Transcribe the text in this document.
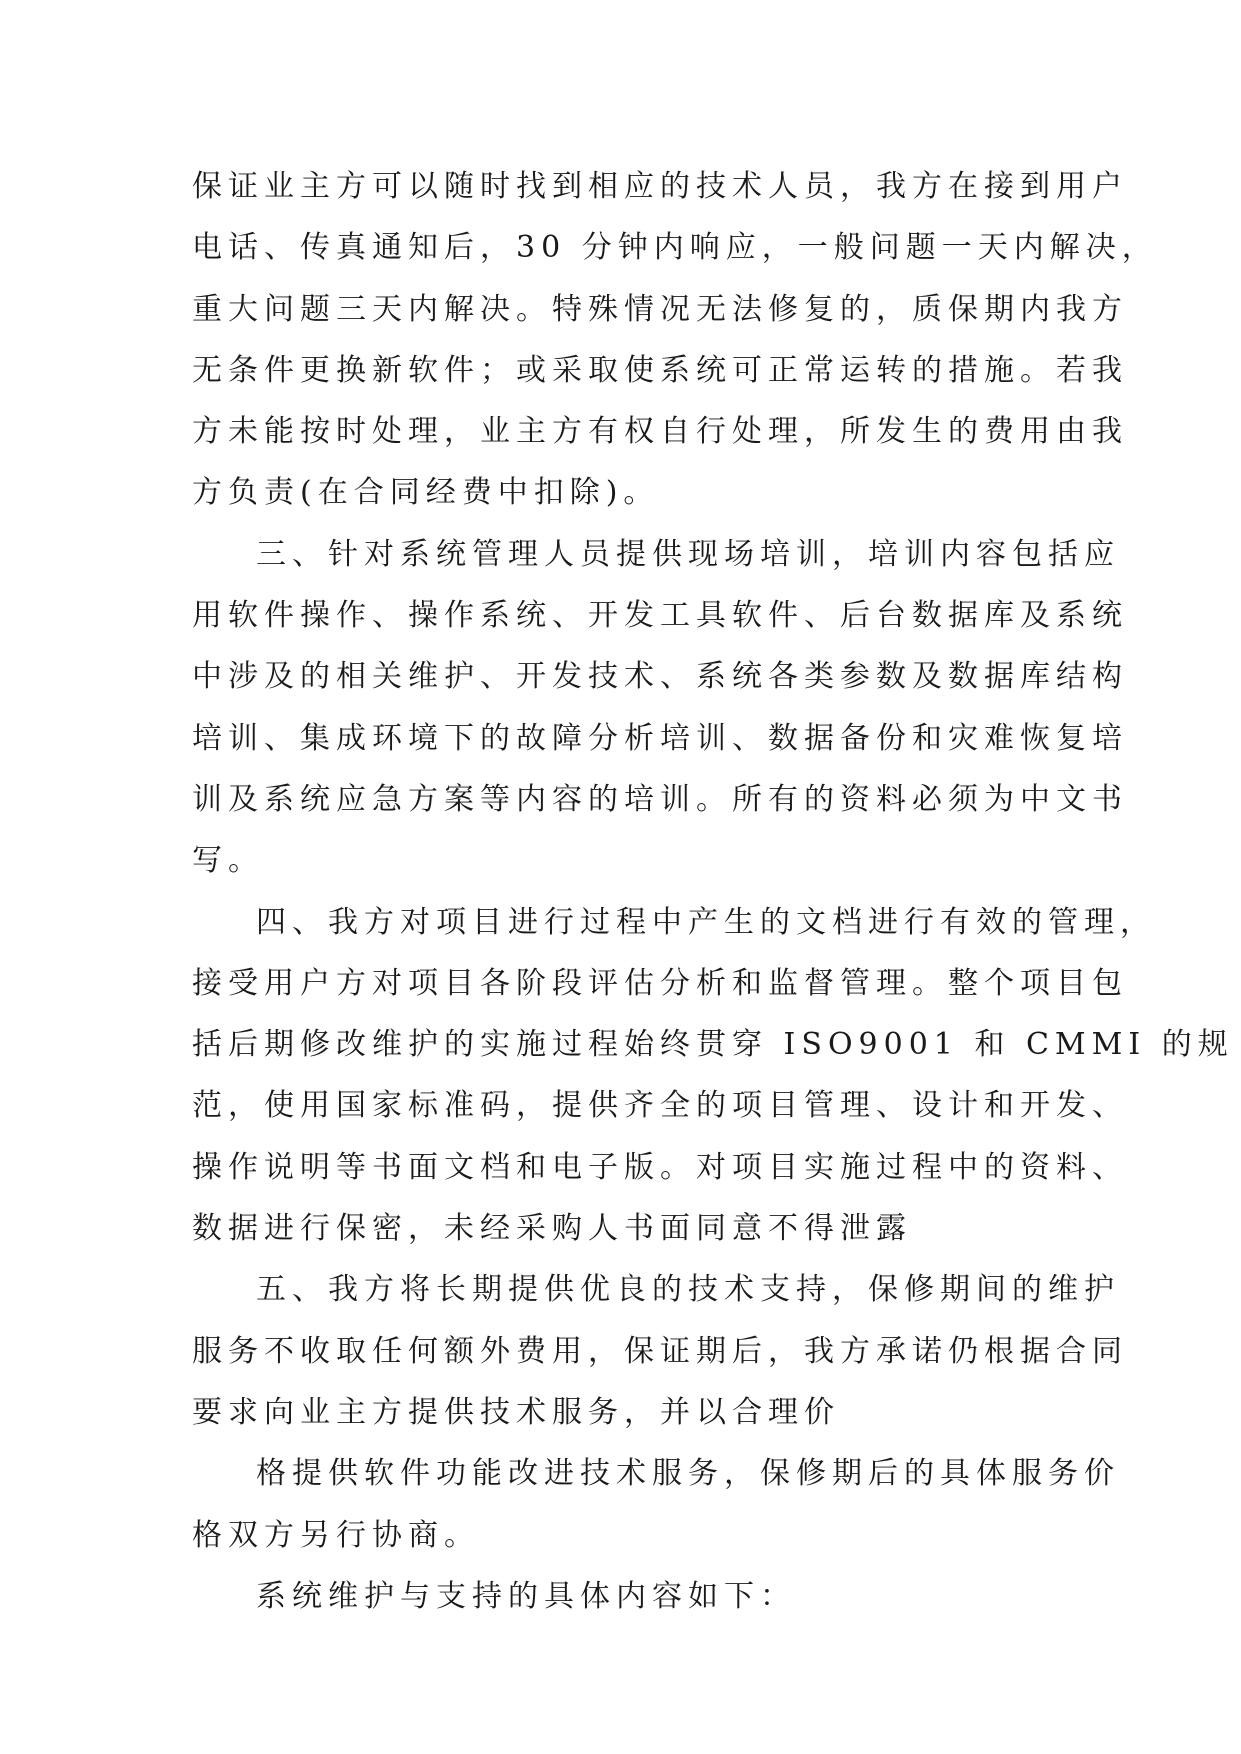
保证业主方可以随时找到相应的技术人员，我方在接到用户
电话、传真通知后，30 分钟内响应，一般问题一天内解决，
重大问题三天内解决。特殊情况无法修复的，质保期内我方
无条件更换新软件；或采取使系统可正常运转的措施。若我
方未能按时处理，业主方有权自行处理，所发生的费用由我
方负责(在合同经费中扣除)。
三、针对系统管理人员提供现场培训，培训内容包括应
用软件操作、操作系统、开发工具软件、后台数据库及系统
中涉及的相关维护、开发技术、系统各类参数及数据库结构
培训、集成环境下的故障分析培训、数据备份和灾难恢复培
训及系统应急方案等内容的培训。所有的资料必须为中文书
写。
四、我方对项目进行过程中产生的文档进行有效的管理，
接受用户方对项目各阶段评估分析和监督管理。整个项目包
括后期修改维护的实施过程始终贯穿 ISO9001 和 CMMI 的规
范，使用国家标准码，提供齐全的项目管理、设计和开发、
操作说明等书面文档和电子版。对项目实施过程中的资料、
数据进行保密，未经采购人书面同意不得泄露
五、我方将长期提供优良的技术支持，保修期间的维护
服务不收取任何额外费用，保证期后，我方承诺仍根据合同
要求向业主方提供技术服务，并以合理价
格提供软件功能改进技术服务，保修期后的具体服务价
格双方另行协商。
系统维护与支持的具体内容如下：
